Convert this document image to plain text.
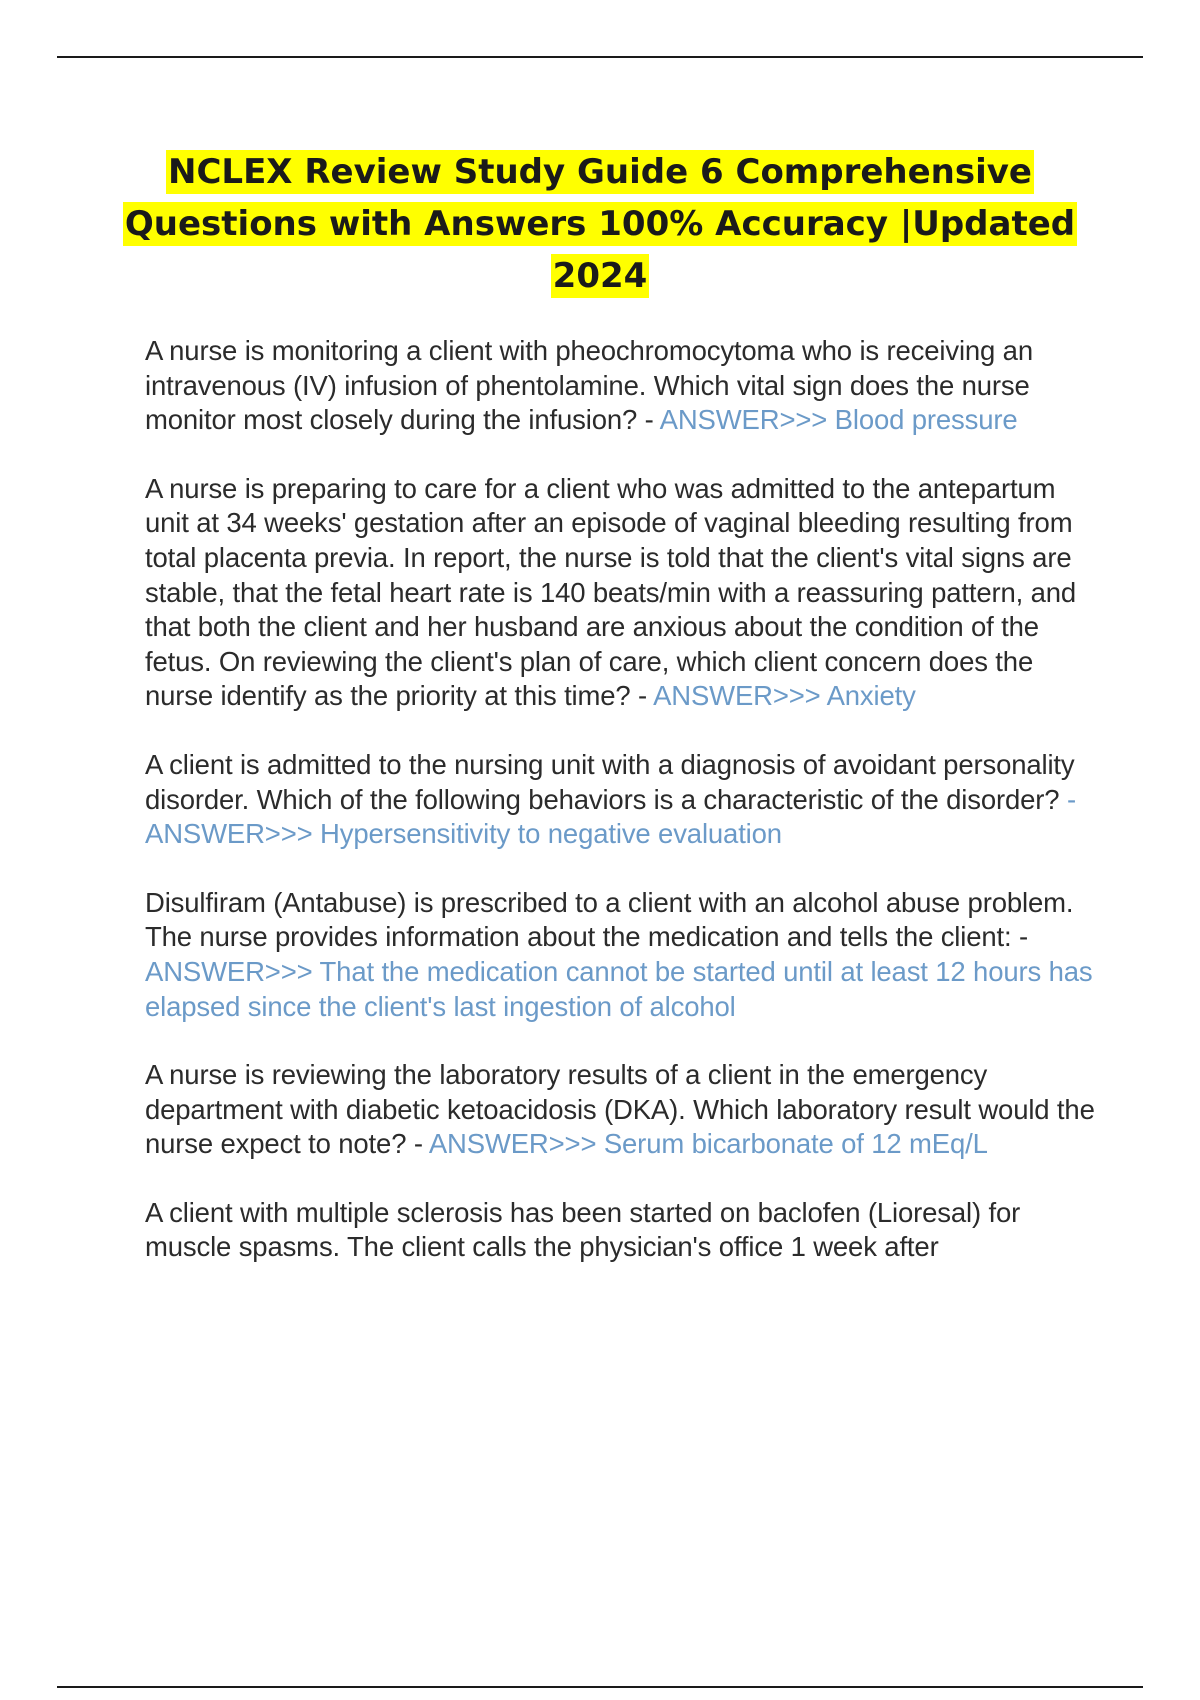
NCLEX Review Study Guide 6 Comprehensive Questions with Answers 100% Accuracy |Updated 2024

A nurse is monitoring a client with pheochromocytoma who is receiving an intravenous (IV) infusion of phentolamine. Which vital sign does the nurse monitor most closely during the infusion? - ANSWER>>> Blood pressure

A nurse is preparing to care for a client who was admitted to the antepartum unit at 34 weeks' gestation after an episode of vaginal bleeding resulting from total placenta previa. In report, the nurse is told that the client's vital signs are stable, that the fetal heart rate is 140 beats/min with a reassuring pattern, and that both the client and her husband are anxious about the condition of the fetus. On reviewing the client's plan of care, which client concern does the nurse identify as the priority at this time? - ANSWER>>> Anxiety

A client is admitted to the nursing unit with a diagnosis of avoidant personality disorder. Which of the following behaviors is a characteristic of the disorder? - ANSWER>>> Hypersensitivity to negative evaluation

Disulfiram (Antabuse) is prescribed to a client with an alcohol abuse problem. The nurse provides information about the medication and tells the client: - ANSWER>>> That the medication cannot be started until at least 12 hours has elapsed since the client's last ingestion of alcohol

A nurse is reviewing the laboratory results of a client in the emergency department with diabetic ketoacidosis (DKA). Which laboratory result would the nurse expect to note? - ANSWER>>> Serum bicarbonate of 12 mEq/L

A client with multiple sclerosis has been started on baclofen (Lioresal) for muscle spasms. The client calls the physician's office 1 week after
